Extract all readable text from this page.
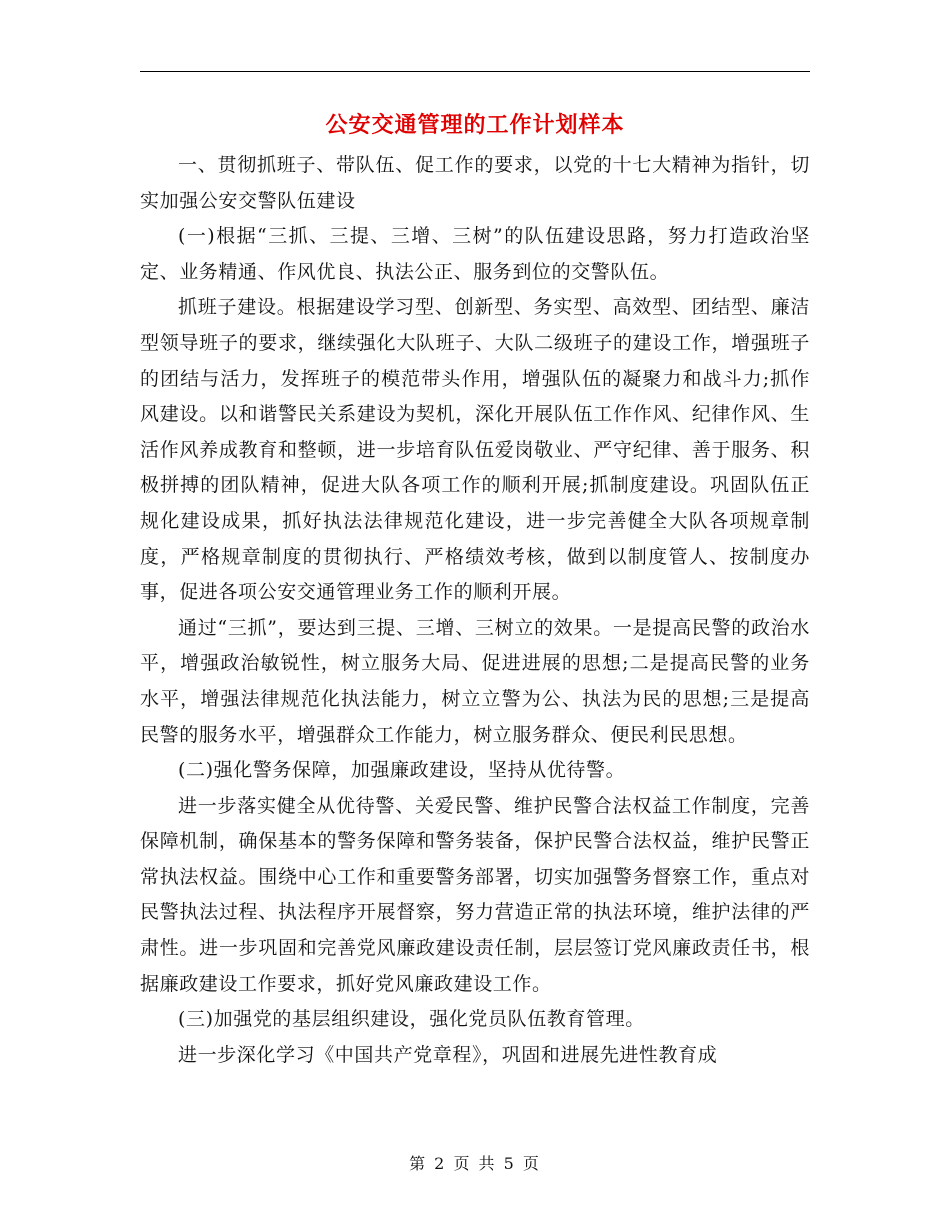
公安交通管理的工作计划样本

一、贯彻抓班子、带队伍、促工作的要求，以党的十七大精神为指针，切实加强公安交警队伍建设

(一)根据“三抓、三提、三增、三树”的队伍建设思路，努力打造政治坚定、业务精通、作风优良、执法公正、服务到位的交警队伍。

抓班子建设。根据建设学习型、创新型、务实型、高效型、团结型、廉洁型领导班子的要求，继续强化大队班子、大队二级班子的建设工作，增强班子的团结与活力，发挥班子的模范带头作用，增强队伍的凝聚力和战斗力;抓作风建设。以和谐警民关系建设为契机，深化开展队伍工作作风、纪律作风、生活作风养成教育和整顿，进一步培育队伍爱岗敬业、严守纪律、善于服务、积极拼搏的团队精神，促进大队各项工作的顺利开展;抓制度建设。巩固队伍正规化建设成果，抓好执法法律规范化建设，进一步完善健全大队各项规章制度，严格规章制度的贯彻执行、严格绩效考核，做到以制度管人、按制度办事，促进各项公安交通管理业务工作的顺利开展。

通过“三抓”，要达到三提、三增、三树立的效果。一是提高民警的政治水平，增强政治敏锐性，树立服务大局、促进进展的思想;二是提高民警的业务水平，增强法律规范化执法能力，树立立警为公、执法为民的思想;三是提高民警的服务水平，增强群众工作能力，树立服务群众、便民利民思想。

(二)强化警务保障，加强廉政建设，坚持从优待警。

进一步落实健全从优待警、关爱民警、维护民警合法权益工作制度，完善保障机制，确保基本的警务保障和警务装备，保护民警合法权益，维护民警正常执法权益。围绕中心工作和重要警务部署，切实加强警务督察工作，重点对民警执法过程、执法程序开展督察，努力营造正常的执法环境，维护法律的严肃性。进一步巩固和完善党风廉政建设责任制，层层签订党风廉政责任书，根据廉政建设工作要求，抓好党风廉政建设工作。

(三)加强党的基层组织建设，强化党员队伍教育管理。

进一步深化学习《中国共产党章程》，巩固和进展先进性教育成

第 2 页 共 5 页
